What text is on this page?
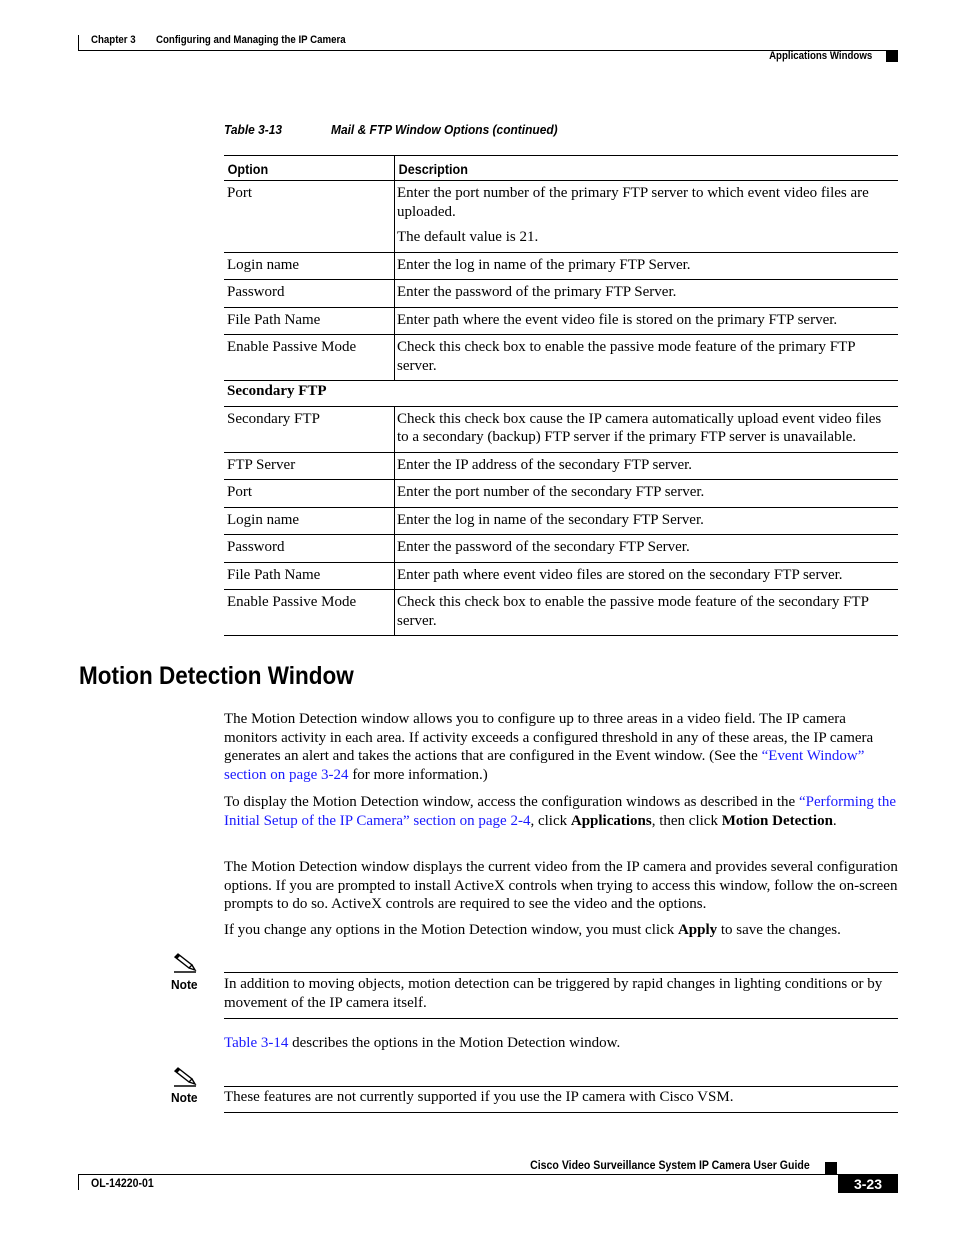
Chapter 3 Configuring and Managing the IP Camera
Applications Windows
Table 3-13	Mail & FTP Window Options (continued)
Option	Description
Port	Enter the port number of the primary FTP server to which event video files are uploaded.

The default value is 21.

Login name	Enter the log in name of the primary FTP Server.

Password	Enter the password of the primary FTP Server.

File Path Name	Enter path where the event video file is stored on the primary FTP server.

Enable Passive Mode	Check this check box to enable the passive mode feature of the primary FTP server.

Secondary FTP	
Secondary FTP	Check this check box cause the IP camera automatically upload event video files to a secondary (backup) FTP server if the primary FTP server is unavailable.

FTP Server	Enter the IP address of the secondary FTP server.

Port	Enter the port number of the secondary FTP server.

Login name	Enter the log in name of the secondary FTP Server.

Password	Enter the password of the secondary FTP Server.

File Path Name	Enter path where event video files are stored on the secondary FTP server.

Enable Passive Mode	Check this check box to enable the passive mode feature of the secondary FTP server.

Motion Detection Window

The Motion Detection window allows you to configure up to three areas in a video field. The IP camera monitors activity in each area. If activity exceeds a configured threshold in any of these areas, the IP camera generates an alert and takes the actions that are configured in the Event window. (See the “Event Window” section on page 3-24 for more information.)

To display the Motion Detection window, access the configuration windows as described in the “Performing the Initial Setup of the IP Camera” section on page 2-4, click Applications, then click Motion Detection.

The Motion Detection window displays the current video from the IP camera and provides several configuration options. If you are prompted to install ActiveX controls when trying to access this window, follow the on-screen prompts to do so. ActiveX controls are required to see the video and the options.

If you change any options in the Motion Detection window, you must click Apply to save the changes.

Note In addition to moving objects, motion detection can be triggered by rapid changes in lighting conditions or by movement of the IP camera itself.

Table 3-14 describes the options in the Motion Detection window.

Note These features are not currently supported if you use the IP camera with Cisco VSM.
Cisco Video Surveillance System IP Camera User Guide
OL-14220-01	3-23
